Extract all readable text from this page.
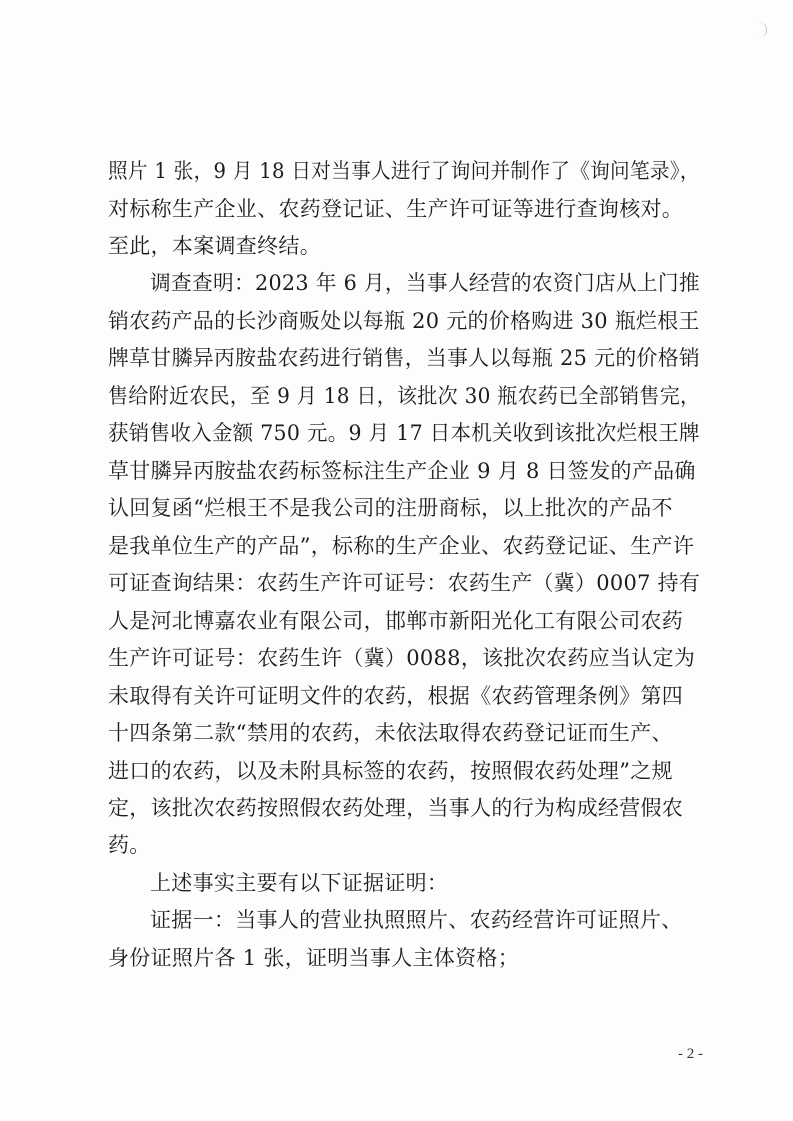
照片 1 张，9 月 18 日对当事人进行了询问并制作了《询问笔录》，
对标称生产企业、农药登记证、生产许可证等进行查询核对。
至此，本案调查终结。
调查查明：2023 年 6 月，当事人经营的农资门店从上门推
销农药产品的长沙商贩处以每瓶 20 元的价格购进 30 瓶烂根王
牌草甘膦异丙胺盐农药进行销售，当事人以每瓶 25 元的价格销
售给附近农民，至 9 月 18 日，该批次 30 瓶农药已全部销售完，
获销售收入金额 750 元。9 月 17 日本机关收到该批次烂根王牌
草甘膦异丙胺盐农药标签标注生产企业 9 月 8 日签发的产品确
认回复函“烂根王不是我公司的注册商标，以上批次的产品不
是我单位生产的产品”，标称的生产企业、农药登记证、生产许
可证查询结果：农药生产许可证号：农药生产（冀）0007 持有
人是河北博嘉农业有限公司，邯郸市新阳光化工有限公司农药
生产许可证号：农药生许（冀）0088，该批次农药应当认定为
未取得有关许可证明文件的农药，根据《农药管理条例》第四
十四条第二款“禁用的农药，未依法取得农药登记证而生产、
进口的农药，以及未附具标签的农药，按照假农药处理”之规
定，该批次农药按照假农药处理，当事人的行为构成经营假农
药。
上述事实主要有以下证据证明：
证据一：当事人的营业执照照片、农药经营许可证照片、
身份证照片各 1 张，证明当事人主体资格；
- 2 -
